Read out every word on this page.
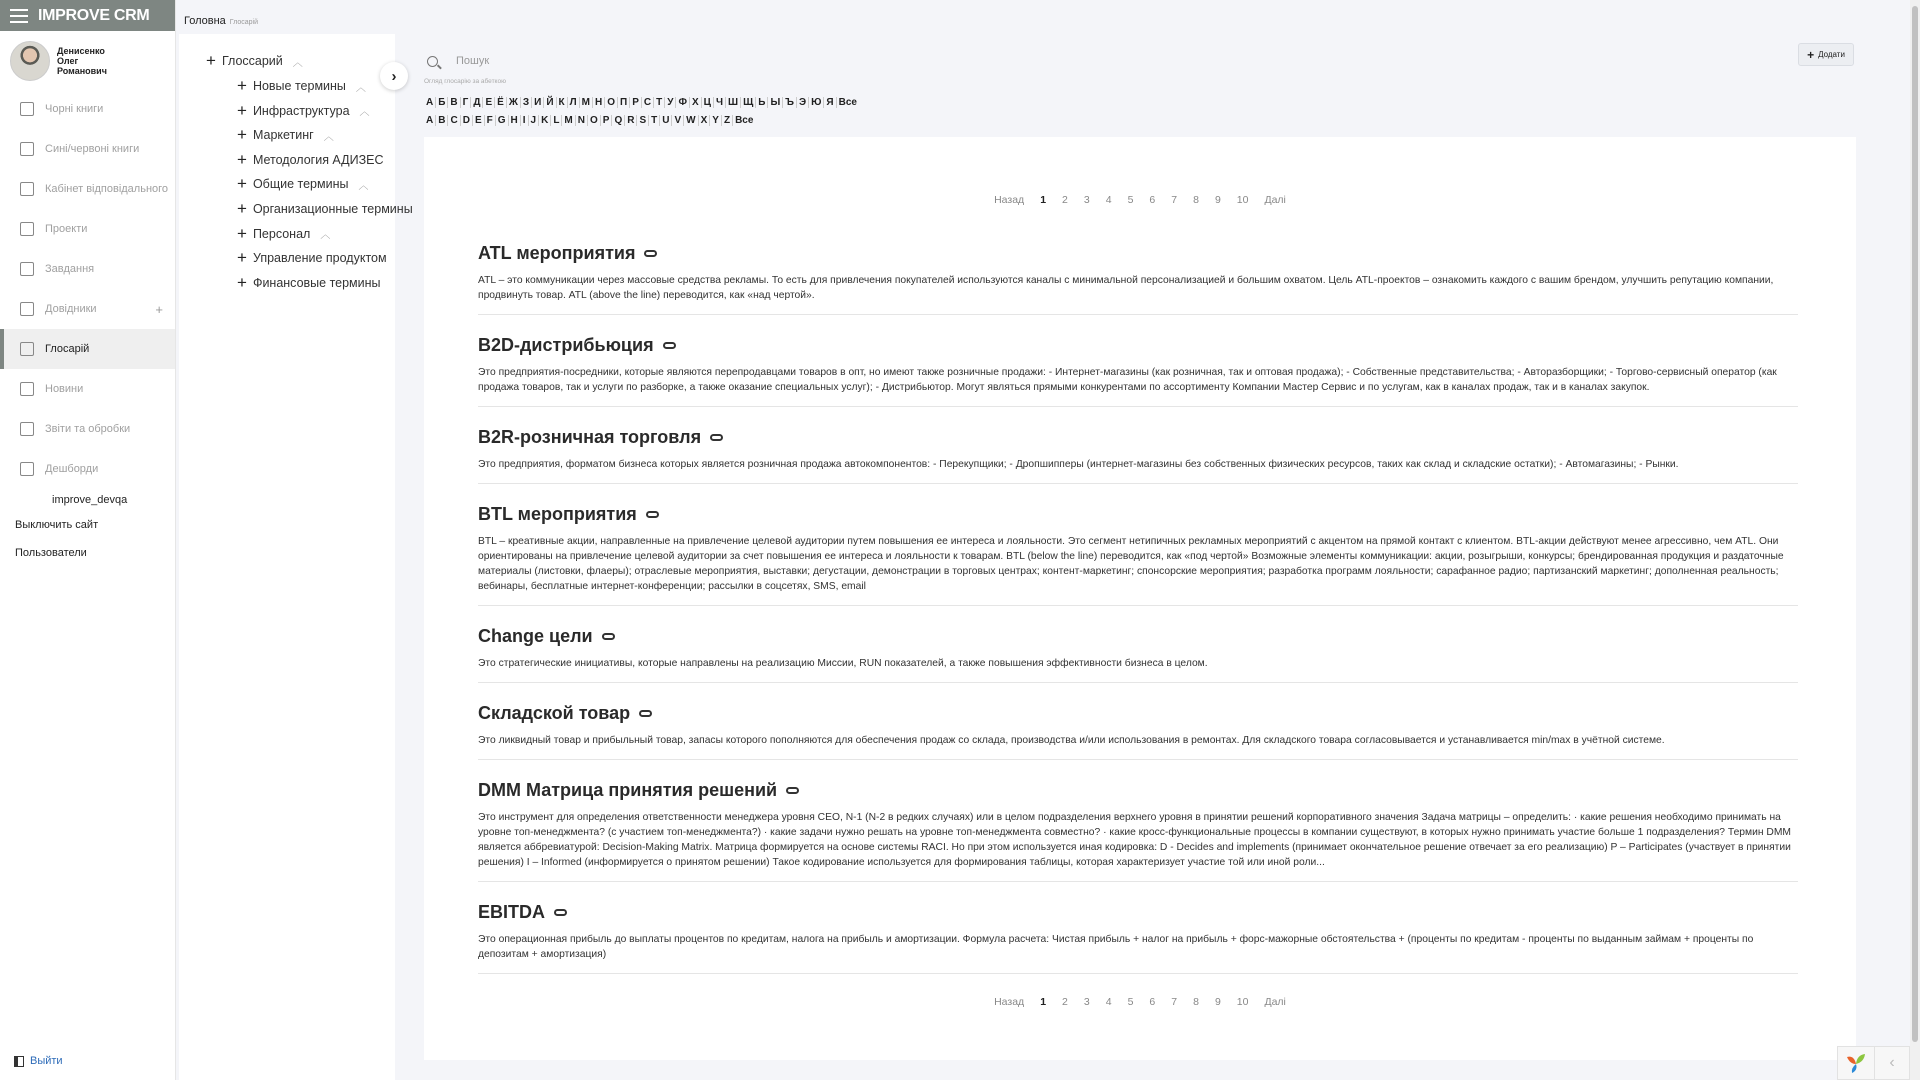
IMPROVE CRM
Денисенко Олег Романович
Чорні книги
Сині/червоні книги
Кабінет відповідального
Проекти
Завдання
Довідники	+
Глосарій
Новини
Звіти та обробки
Дешборди
improve_devqa
Выключить сайт
Пользователи
Выйти
Головна Глосарій
+ Глоссарий ︿
+ Новые термины ︿
+ Инфраструктура ︿
+ Маркетинг ︿
+ Методология АДИЗЕС
+ Общие термины ︿
+ Организационные термины
+ Персонал ︿
+ Управление продуктом
+ Финансовые термины
›
Пошук
Огляд глосарію за абеткою
А Б В Г Д Е Ё Ж З И Й К Л М Н О П Р С Т У Ф Х Ц Ч Ш Щ Ь Ы Ъ Э Ю Я Все
A B C D E F G H I J K L M N O P Q R S T U V W X Y Z Все
+ Додати
Назад	1	2	3	4	5	6	7	8	9	10	Далі
ATL мероприятия
ATL – это коммуникации через массовые средства рекламы. То есть для привлечения покупателей используются каналы с минимальной персонализацией и большим охватом. Цель ATL-проектов – ознакомить каждого с вашим брендом, улучшить репутацию компании, продвинуть товар. ATL (above the line) переводится, как «над чертой».
B2D-дистрибьюция
Это предприятия-посредники, которые являются перепродавцами товаров в опт, но имеют также розничные продажи: - Интернет-магазины (как розничная, так и оптовая продажа); - Собственные представительства; - Авторазборщики; - Торгово-сервисный оператор (как продажа товаров, так и услуги по разборке, а также оказание специальных услуг); - Дистрибьютор. Могут являться прямыми конкурентами по ассортименту Компании Мастер Сервис и по услугам, как в каналах продаж, так и в каналах закупок.
B2R-розничная торговля
Это предприятия, форматом бизнеса которых является розничная продажа автокомпонентов: - Перекупщики; - Дропшипперы (интернет-магазины без собственных физических ресурсов, таких как склад и складские остатки); - Автомагазины; - Рынки.
BTL мероприятия
BTL – креативные акции, направленные на привлечение целевой аудитории путем повышения ее интереса и лояльности. Это сегмент нетипичных рекламных мероприятий с акцентом на прямой контакт с клиентом. BTL-акции действуют менее агрессивно, чем ATL. Они ориентированы на привлечение целевой аудитории за счет повышения ее интереса и лояльности к товарам. BTL (below the line) переводится, как «под чертой» Возможные элементы коммуникации: акции, розыгрыши, конкурсы; брендированная продукция и раздаточные материалы (листовки, флаеры); отраслевые мероприятия, выставки; дегустации, демонстрации в торговых центрах; контент-маркетинг; спонсорские мероприятия; разработка программ лояльности; сарафанное радио; партизанский маркетинг; дополненная реальность; вебинары, бесплатные интернет-конференции; рассылки в соцсетях, SMS, email
Change цели
Это стратегические инициативы, которые направлены на реализацию Миссии, RUN показателей, а также повышения эффективности бизнеса в целом.
Складской товар
Это ликвидный товар и прибыльный товар, запасы которого пополняются для обеспечения продаж со склада, производства и/или использования в ремонтах. Для складского товара согласовывается и устанавливается min/max в учётной системе.
DMM Матрица принятия решений
Это инструмент для определения ответственности менеджера уровня CEO, N-1 (N-2 в редких случаях) или в целом подразделения верхнего уровня в принятии решений корпоративного значения Задача матрицы – определить: · какие решения необходимо принимать на уровне топ-менеджмента? (с участием топ-менеджмента?) · какие задачи нужно решать на уровне топ-менеджмента совместно? · какие кросс-функциональные процессы в компании существуют, в которых нужно принимать участие больше 1 подразделения? Термин DMM является аббревиатурой: Decision-Making Matrix. Матрица формируется на основе системы RACI. Но при этом используется иная кодировка: D - Decides and implements (принимает окончательное решение отвечает за его реализацию) P – Participates (участвует в принятии решения) I – Informed (информируется о принятом решении) Такое кодирование используется для формирования таблицы, которая характеризует участие той или иной роли...
EBITDA
Это операционная прибыль до выплаты процентов по кредитам, налога на прибыль и амортизации. Формула расчета: Чистая прибыль + налог на прибыль + форс-мажорные обстоятельства + (проценты по кредитам - проценты по выданным займам + проценты по депозитам + амортизация)
Назад	1	2	3	4	5	6	7	8	9	10	Далі
‹
